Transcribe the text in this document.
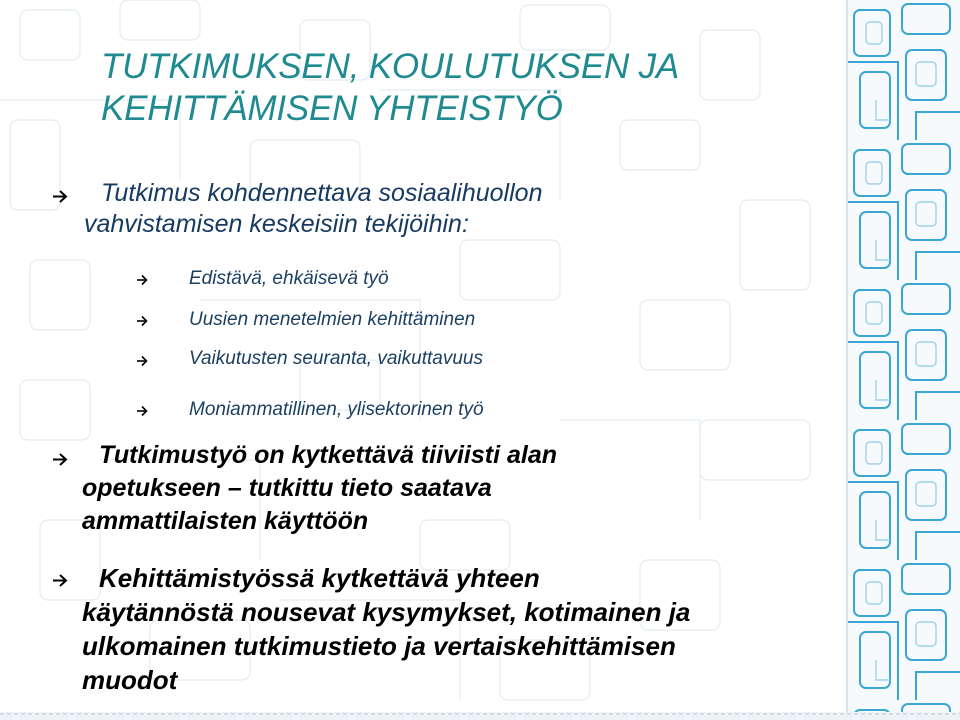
TUTKIMUKSEN, KOULUTUKSEN JA
KEHITTÄMISEN YHTEISTYÖ

Tutkimus kohdennettava sosiaalihuollon
vahvistamisen keskeisiin tekijöihin:

Edistävä, ehkäisevä työ

Uusien menetelmien kehittäminen

Vaikutusten seuranta, vaikuttavuus

Moniammatillinen, ylisektorinen työ

Tutkimustyö on kytkettävä tiiviisti alan
opetukseen – tutkittu tieto saatava
ammattilaisten käyttöön

Kehittämistyössä kytkettävä yhteen
käytännöstä nousevat kysymykset, kotimainen ja
ulkomainen tutkimustieto ja vertaiskehittämisen
muodot
